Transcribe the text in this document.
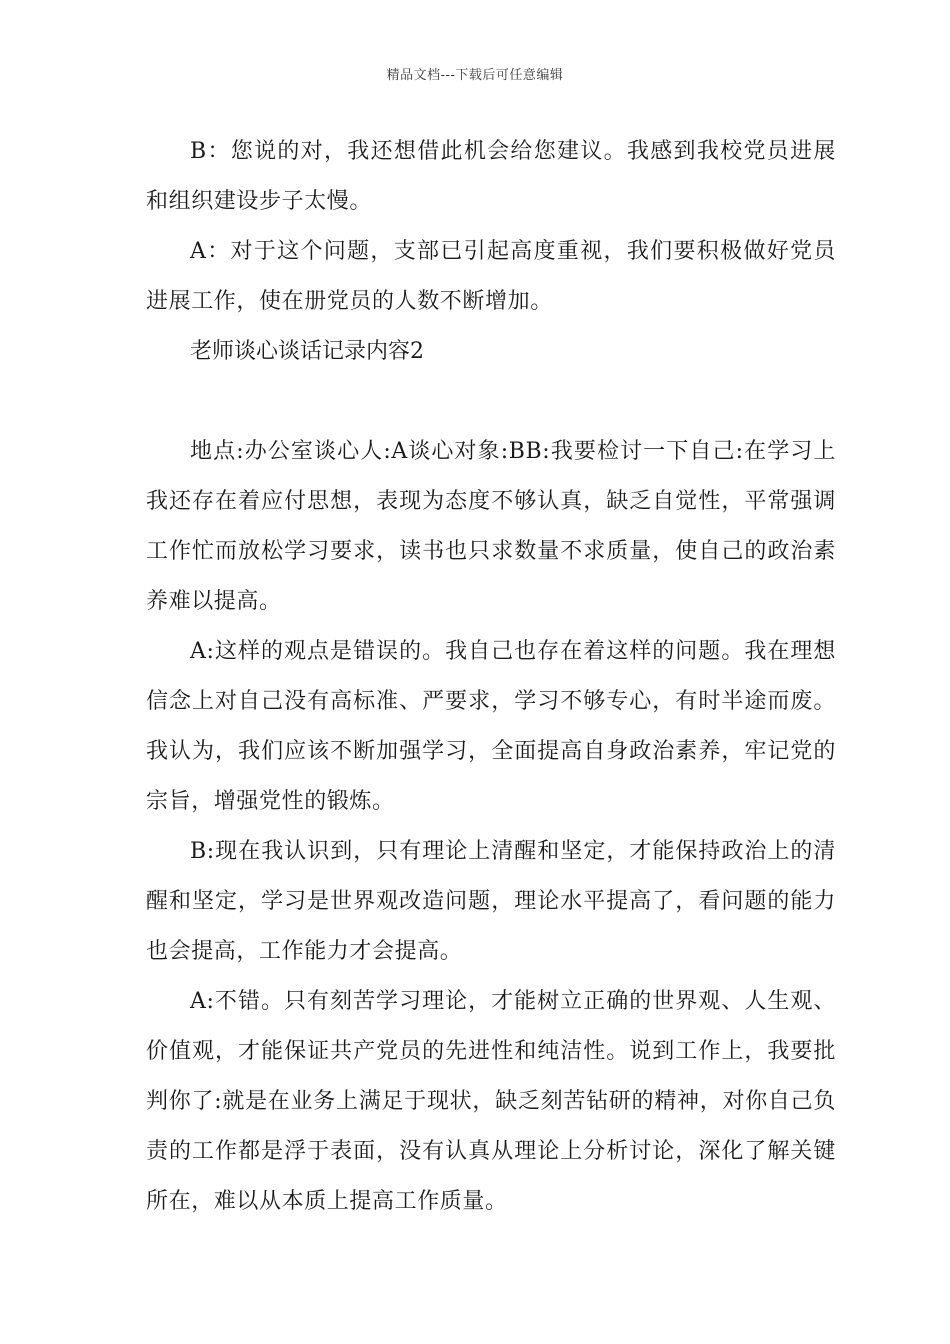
精品文档---下载后可任意编辑

B：您说的对，我还想借此机会给您建议。我感到我校党员进展和组织建设步子太慢。

A：对于这个问题，支部已引起高度重视，我们要积极做好党员进展工作，使在册党员的人数不断增加。

老师谈心谈话记录内容2

地点:办公室谈心人:A谈心对象:BB:我要检讨一下自己:在学习上我还存在着应付思想，表现为态度不够认真，缺乏自觉性，平常强调工作忙而放松学习要求，读书也只求数量不求质量，使自己的政治素养难以提高。

A:这样的观点是错误的。我自己也存在着这样的问题。我在理想信念上对自己没有高标准、严要求，学习不够专心，有时半途而废。我认为，我们应该不断加强学习，全面提高自身政治素养，牢记党的宗旨，增强党性的锻炼。

B:现在我认识到，只有理论上清醒和坚定，才能保持政治上的清醒和坚定，学习是世界观改造问题，理论水平提高了，看问题的能力也会提高，工作能力才会提高。

A:不错。只有刻苦学习理论，才能树立正确的世界观、人生观、价值观，才能保证共产党员的先进性和纯洁性。说到工作上，我要批判你了:就是在业务上满足于现状，缺乏刻苦钻研的精神，对你自己负责的工作都是浮于表面，没有认真从理论上分析讨论，深化了解关键所在，难以从本质上提高工作质量。
